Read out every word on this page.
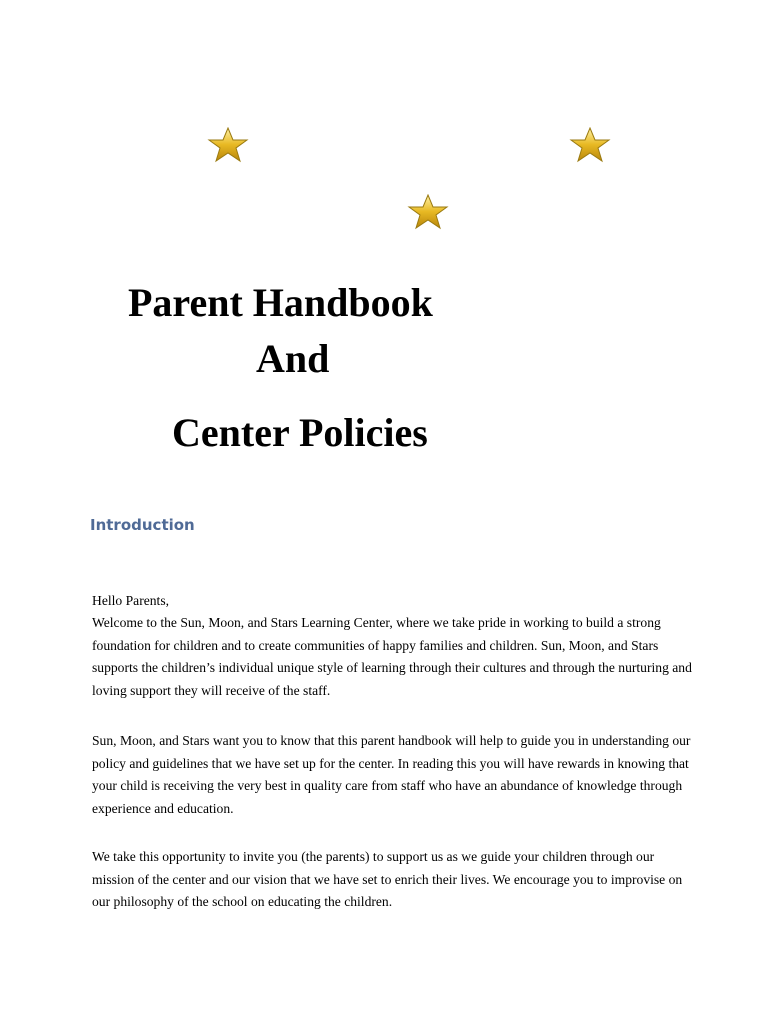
Parent Handbook
And
Center Policies
Introduction

Hello Parents,

Welcome to the Sun, Moon, and Stars Learning Center, where we take pride in working to build a strong foundation for children and to create communities of happy families and children. Sun, Moon, and Stars supports the children’s individual unique style of learning through their cultures and through the nurturing and loving support they will receive of the staff.

Sun, Moon, and Stars want you to know that this parent handbook will help to guide you in understanding our policy and guidelines that we have set up for the center. In reading this you will have rewards in knowing that your child is receiving the very best in quality care from staff who have an abundance of knowledge through experience and education.

We take this opportunity to invite you (the parents) to support us as we guide your children through our mission of the center and our vision that we have set to enrich their lives. We encourage you to improvise on our philosophy of the school on educating the children.
